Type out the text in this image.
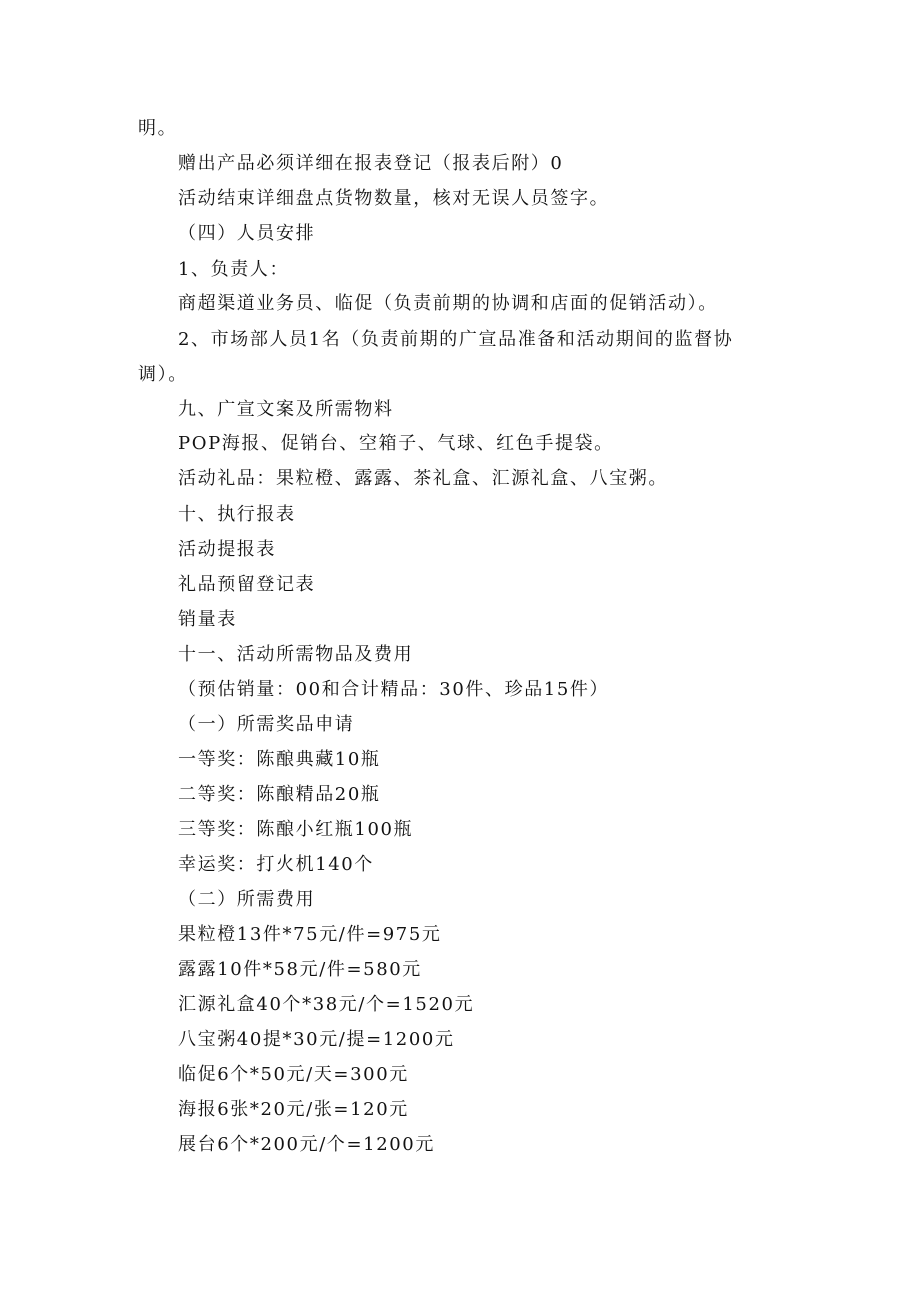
明。
赠出产品必须详细在报表登记（报表后附）0
活动结束详细盘点货物数量，核对无误人员签字。
（四）人员安排
1、负责人：
商超渠道业务员、临促（负责前期的协调和店面的促销活动）。
2、市场部人员1名（负责前期的广宣品准备和活动期间的监督协
调）。
九、广宣文案及所需物料
POP海报、促销台、空箱子、气球、红色手提袋。
活动礼品：果粒橙、露露、茶礼盒、汇源礼盒、八宝粥。
十、执行报表
活动提报表
礼品预留登记表
销量表
十一、活动所需物品及费用
（预估销量：00和合计精品：30件、珍品15件）
（一）所需奖品申请
一等奖：陈酿典藏10瓶
二等奖：陈酿精品20瓶
三等奖：陈酿小红瓶100瓶
幸运奖：打火机140个
（二）所需费用
果粒橙13件*75元/件=975元
露露10件*58元/件=580元
汇源礼盒40个*38元/个=1520元
八宝粥40提*30元/提=1200元
临促6个*50元/天=300元
海报6张*20元/张=120元
展台6个*200元/个=1200元
